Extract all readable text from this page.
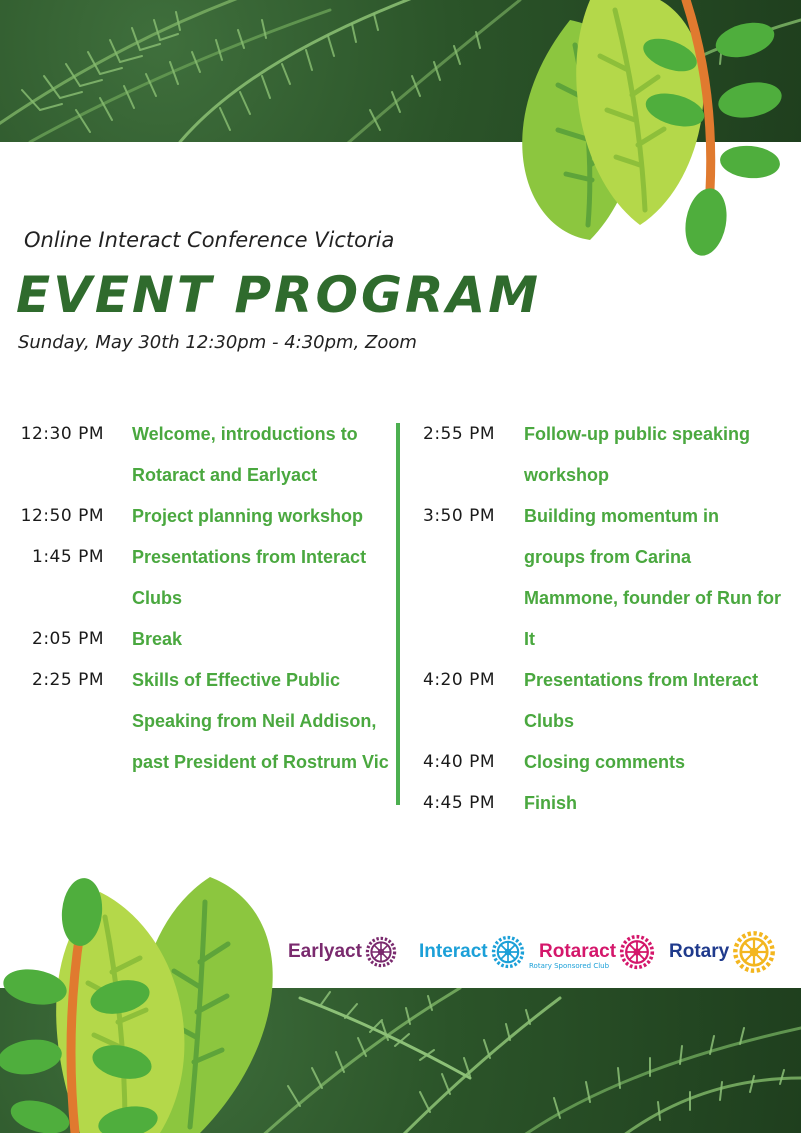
Online Interact Conference Victoria

EVENT PROGRAM

Sunday, May 30th 12:30pm - 4:30pm, Zoom

12:30 PM Welcome, introductions to Rotaract and Earlyact
12:50 PM Project planning workshop
1:45 PM Presentations from Interact Clubs
2:05 PM Break
2:25 PM Skills of Effective Public Speaking from Neil Addison, past President of Rostrum Vic
2:55 PM Follow-up public speaking workshop
3:50 PM Building momentum in groups from Carina Mammone, founder of Run for It
4:20 PM Presentations from Interact Clubs
4:40 PM Closing comments
4:45 PM Finish
Earlyact	Interact
Rotary Sponsored Club
Rotaract	Rotary
